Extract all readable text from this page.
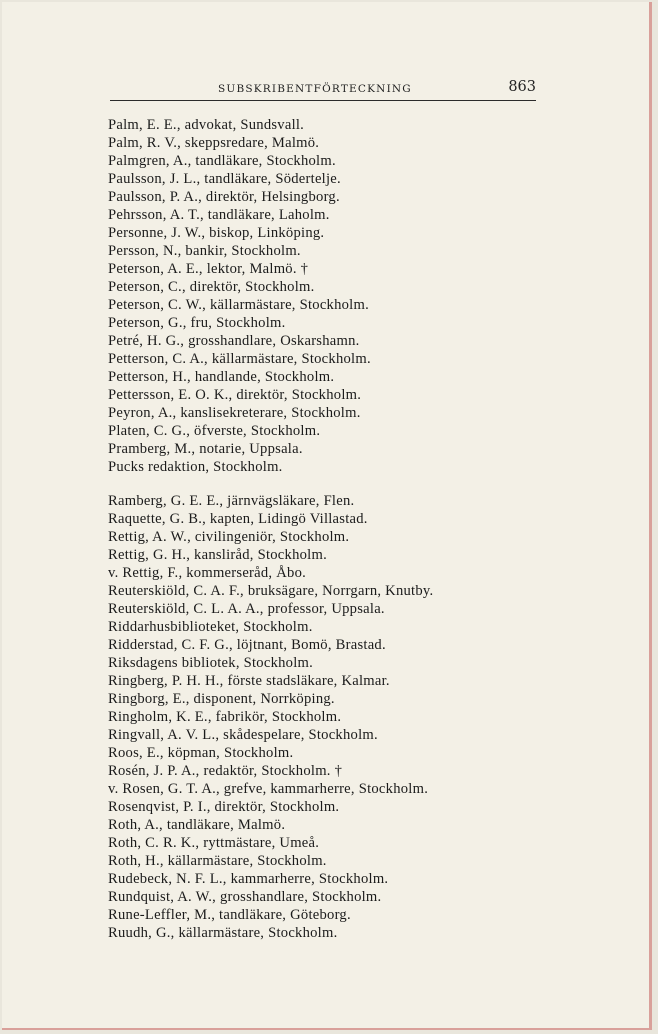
SUBSKRIBENTFÖRTECKNING	863
Palm, E. E., advokat, Sundsvall.
Palm, R. V., skeppsredare, Malmö.
Palmgren, A., tandläkare, Stockholm.
Paulsson, J. L., tandläkare, Södertelje.
Paulsson, P. A., direktör, Helsingborg.
Pehrsson, A. T., tandläkare, Laholm.
Personne, J. W., biskop, Linköping.
Persson, N., bankir, Stockholm.
Peterson, A. E., lektor, Malmö. †
Peterson, C., direktör, Stockholm.
Peterson, C. W., källarmästare, Stockholm.
Peterson, G., fru, Stockholm.
Petré, H. G., grosshandlare, Oskarshamn.
Petterson, C. A., källarmästare, Stockholm.
Petterson, H., handlande, Stockholm.
Pettersson, E. O. K., direktör, Stockholm.
Peyron, A., kanslisekreterare, Stockholm.
Platen, C. G., öfverste, Stockholm.
Pramberg, M., notarie, Uppsala.
Pucks redaktion, Stockholm.
Ramberg, G. E. E., järnvägsläkare, Flen.
Raquette, G. B., kapten, Lidingö Villastad.
Rettig, A. W., civilingeniör, Stockholm.
Rettig, G. H., kansliråd, Stockholm.
v. Rettig, F., kommerseråd, Åbo.
Reuterskiöld, C. A. F., bruksägare, Norrgarn, Knutby.
Reuterskiöld, C. L. A. A., professor, Uppsala.
Riddarhusbiblioteket, Stockholm.
Ridderstad, C. F. G., löjtnant, Bomö, Brastad.
Riksdagens bibliotek, Stockholm.
Ringberg, P. H. H., förste stadsläkare, Kalmar.
Ringborg, E., disponent, Norrköping.
Ringholm, K. E., fabrikör, Stockholm.
Ringvall, A. V. L., skådespelare, Stockholm.
Roos, E., köpman, Stockholm.
Rosén, J. P. A., redaktör, Stockholm. †
v. Rosen, G. T. A., grefve, kammarherre, Stockholm.
Rosenqvist, P. I., direktör, Stockholm.
Roth, A., tandläkare, Malmö.
Roth, C. R. K., ryttmästare, Umeå.
Roth, H., källarmästare, Stockholm.
Rudebeck, N. F. L., kammarherre, Stockholm.
Rundquist, A. W., grosshandlare, Stockholm.
Rune-Leffler, M., tandläkare, Göteborg.
Ruudh, G., källarmästare, Stockholm.
